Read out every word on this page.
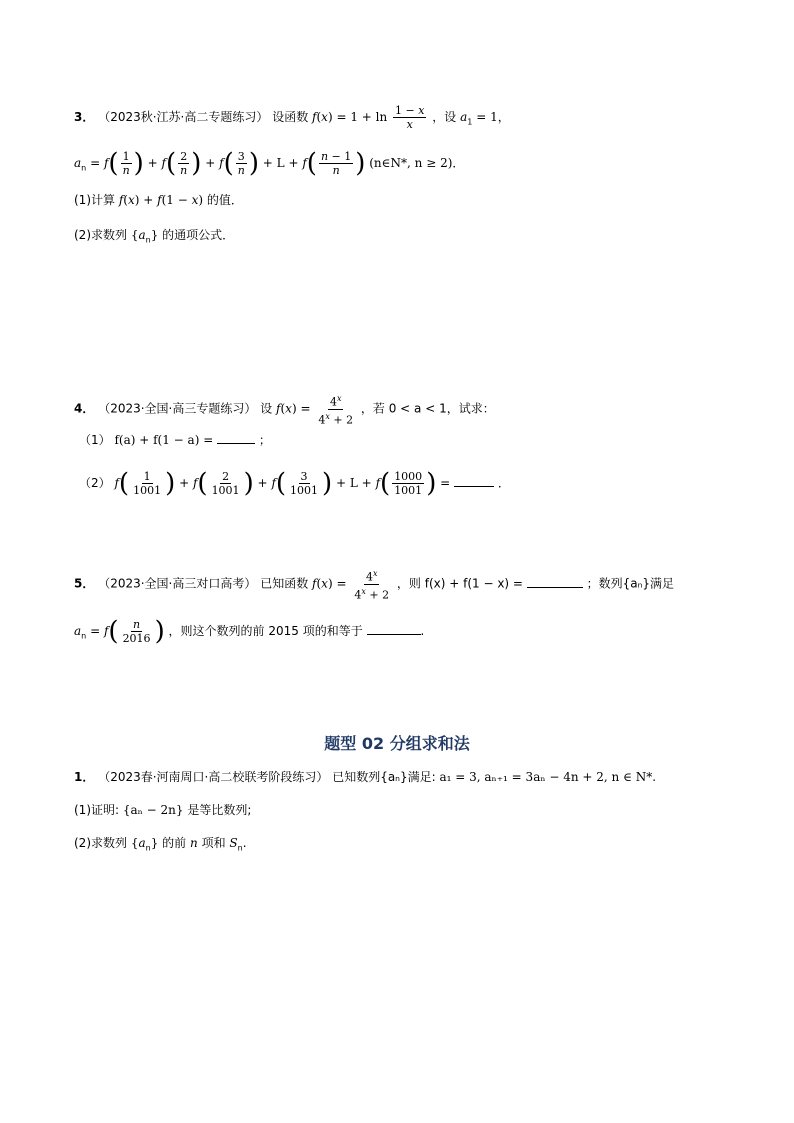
3． （2023秋·江苏·高二专题练习） 设函数 $f(x) = 1 + \ln \frac{1 - x}{x}$ ，设 $a_1 = 1$，
$a_n = f( \frac{1}{n}$ ) + $f( \frac{2}{n}$ ) + $f( \frac{3}{n}$ ) + $L + f( \frac{n - 1}{n}$ ) (n∈N*, n ≥ 2)．
(1)计算 f(x) + f(1 − x) 的值．
(2)求数列 $\{a_n\}$ 的通项公式．
4． （2023·全国·高三专题练习） 设 $f(x) = \frac{4^x}{4^x + 2}$ ，若 0 < a < 1，试求：
（1） f(a) + f(1 − a) =	；
（2） $f( \frac{1}{1001}$ ) + $f( \frac{2}{1001}$ ) + $f( \frac{3}{1001}$ ) + $L + f( \frac{1000}{1001}$ ) =	．
5． （2023·全国·高三对口高考） 已知函数 $f(x) = \frac{4^x}{4^x + 2}$ ，则 f(x) + f(1 − x) =	；数列{aₙ}满足
$a_n = f( \frac{n}{2016}$ ) ，则这个数列的前 2015 项的和等于	.
题型 02 分组求和法
1． （2023春·河南周口·高二校联考阶段练习） 已知数列{aₙ}满足: a₁ = 3, aₙ₊₁ = 3aₙ − 4n + 2, n ∈ N*.
(1)证明: {aₙ − 2n} 是等比数列;
(2)求数列 $\{a_n\}$ 的前 n 项和 $S_n$.
